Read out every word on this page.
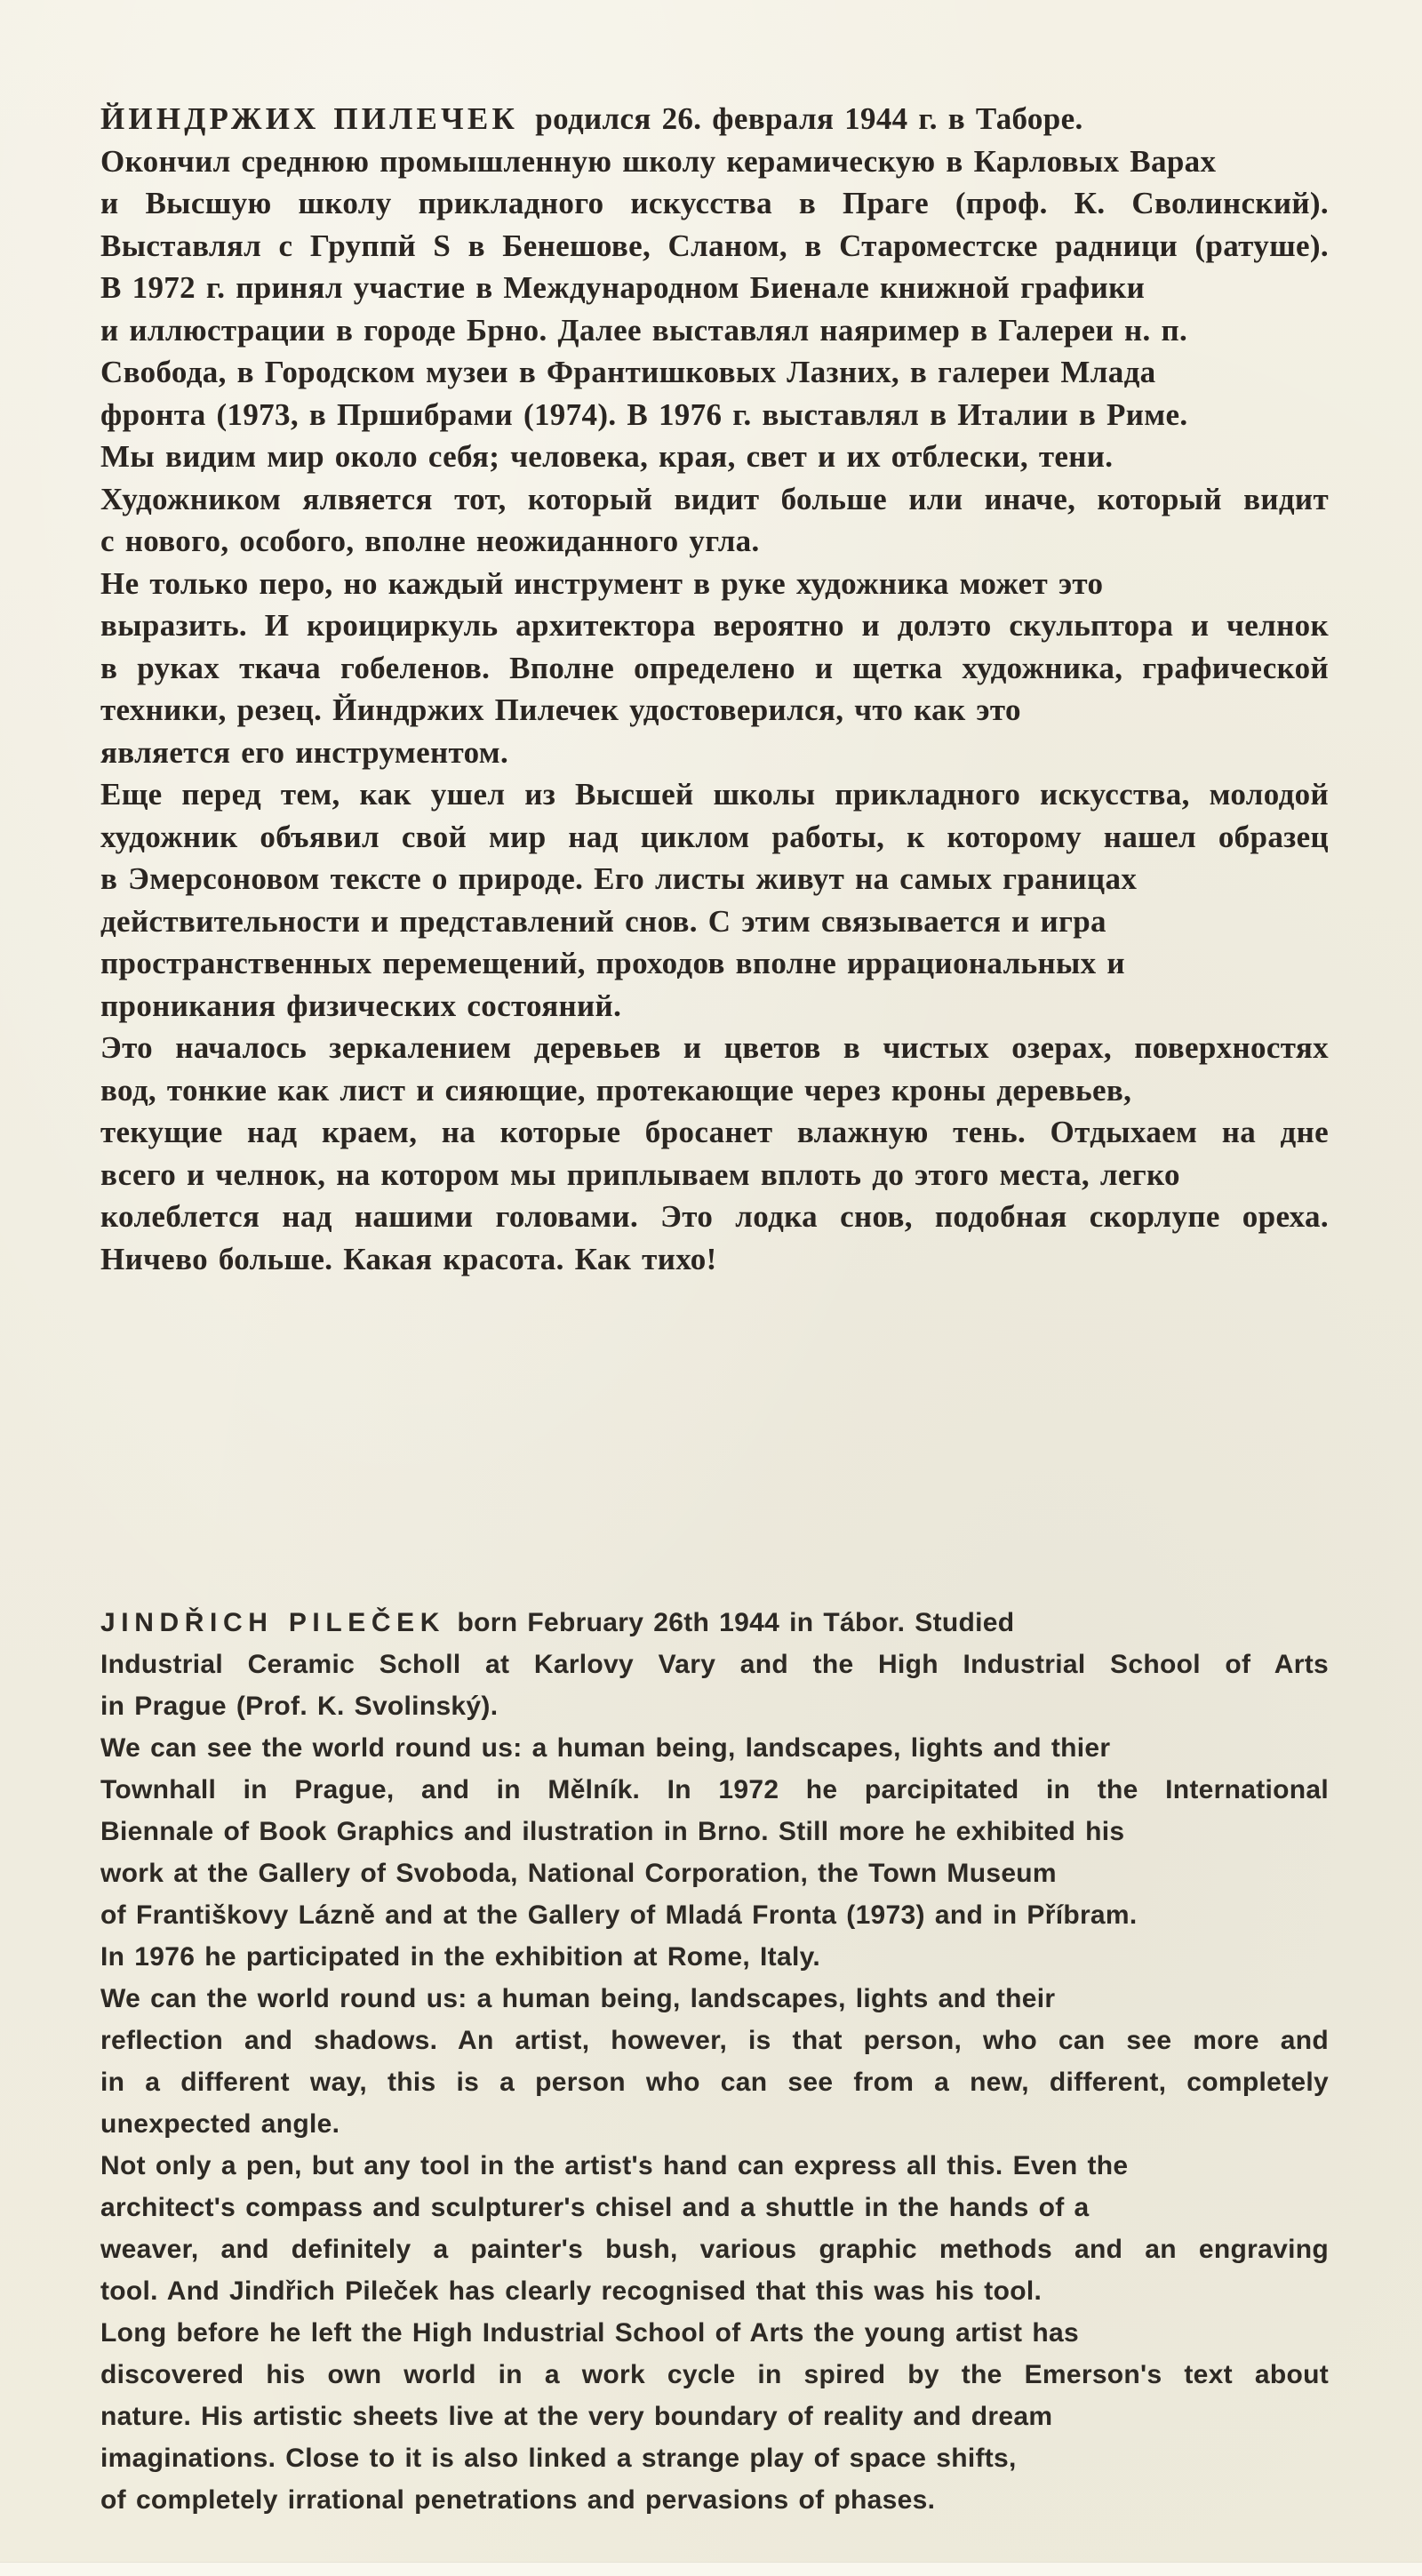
ЙИНДРЖИХ ПИЛЕЧЕК родился 26. февраля 1944 г. в Таборе.
Окончил среднюю промышленную школу керамическую в Карловых Варах
и Высшую школу прикладного искусства в Праге (проф. К. Сволинский).
Выставлял с Группй S в Бенешове, Сланом, в Староместске радници (ратуше).
В 1972 г. принял участие в Международном Биенале книжной графики
и иллюстрации в городе Брно. Далее выставлял наяример в Галереи н. п.
Свобода, в Городском музеи в Франтишковых Лазних, в галереи Млада
фронта (1973, в Пршибрами (1974). В 1976 г. выставлял в Италии в Риме.
Мы видим мир около себя; человека, края, свет и их отблески, тени.
Художником ялвяется тот, который видит больше или иначе, который видит
с нового, особого, вполне неожиданного угла.
Не только перо, но каждый инструмент в руке художника может это
выразить. И кроициркуль архитектора вероятно и долэто скульптора и челнок
в руках ткача гобеленов. Вполне определено и щетка художника, графической
техники, резец. Йиндржих Пилечек удостоверился, что как это
является его инструментом.
Еще перед тем, как ушел из Высшей школы прикладного искусства, молодой
художник объявил свой мир над циклом работы, к которому нашел образец
в Эмерсоновом тексте о природе. Его листы живут на самых границах
действительности и представлений снов. С этим связывается и игра
пространственных перемещений, проходов вполне иррациональных и
проникания физических состояний.
Это началось зеркалением деревьев и цветов в чистых озерах, поверхностях
вод, тонкие как лист и сияющие, протекающие через кроны деревьев,
текущие над краем, на которые бросанет влажную тень. Отдыхаем на дне
всего и челнок, на котором мы приплываем вплоть до этого места, легко
колеблется над нашими головами. Это лодка снов, подобная скорлупе ореха.
Ничево больше. Какая красота. Как тихо!
JINDŘICH PILEČEK born February 26th 1944 in Tábor. Studied
Industrial Ceramic Scholl at Karlovy Vary and the High Industrial School of Arts
in Prague (Prof. K. Svolinský).
We can see the world round us: a human being, landscapes, lights and thier
Townhall in Prague, and in Mělník. In 1972 he parcipitated in the International
Biennale of Book Graphics and ilustration in Brno. Still more he exhibited his
work at the Gallery of Svoboda, National Corporation, the Town Museum
of Františkovy Lázně and at the Gallery of Mladá Fronta (1973) and in Příbram.
In 1976 he participated in the exhibition at Rome, Italy.
We can the world round us: a human being, landscapes, lights and their
reflection and shadows. An artist, however, is that person, who can see more and
in a different way, this is a person who can see from a new, different, completely
unexpected angle.
Not only a pen, but any tool in the artist's hand can express all this. Even the
architect's compass and sculpturer's chisel and a shuttle in the hands of a
weaver, and definitely a painter's bush, various graphic methods and an engraving
tool. And Jindřich Pileček has clearly recognised that this was his tool.
Long before he left the High Industrial School of Arts the young artist has
discovered his own world in a work cycle in spired by the Emerson's text about
nature. His artistic sheets live at the very boundary of reality and dream
imaginations. Close to it is also linked a strange play of space shifts,
of completely irrational penetrations and pervasions of phases.
